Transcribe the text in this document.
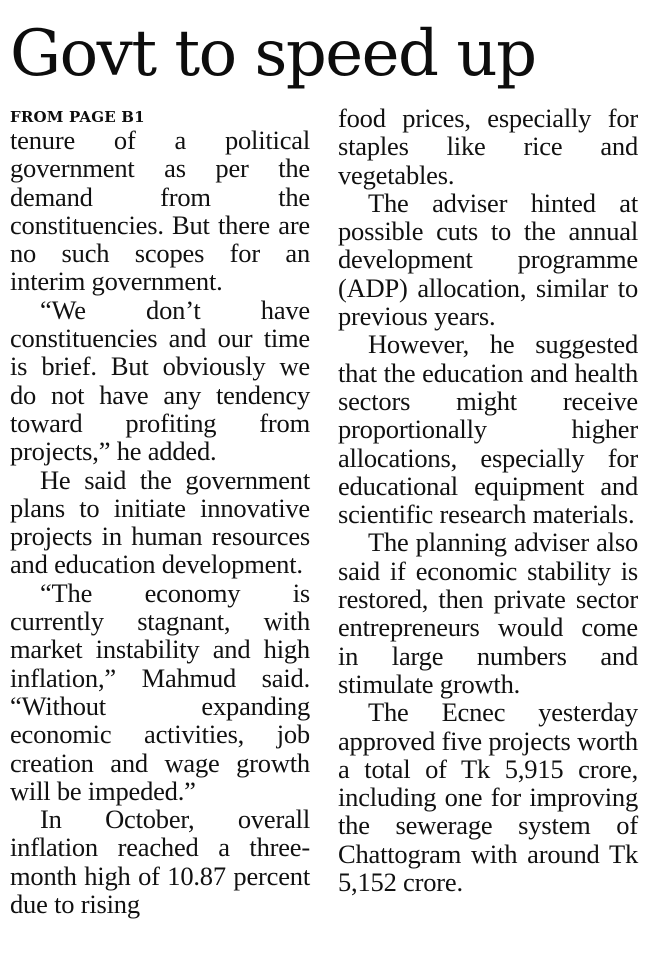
Govt to speed up
FROM PAGE B1

tenure of a political government as per the demand from the constituencies. But there are no such scopes for an interim government.

“We don’t have constituencies and our time is brief. But obviously we do not have any tendency toward profiting from projects,” he added.

He said the government plans to initiate innovative projects in human resources and education development.

“The economy is currently stagnant, with market instability and high inflation,” Mahmud said. “Without expanding economic activities, job creation and wage growth will be impeded.”

In October, overall inflation reached a three-month high of 10.87 percent due to rising

food prices, especially for staples like rice and vegetables.

The adviser hinted at possible cuts to the annual development programme (ADP) allocation, similar to previous years.

However, he suggested that the education and health sectors might receive proportionally higher allocations, especially for educational equipment and scientific research materials.

The planning adviser also said if economic stability is restored, then private sector entrepreneurs would come in large numbers and stimulate growth.

The Ecnec yesterday approved five projects worth a total of Tk 5,915 crore, including one for improving the sewerage system of Chattogram with around Tk 5,152 crore.
